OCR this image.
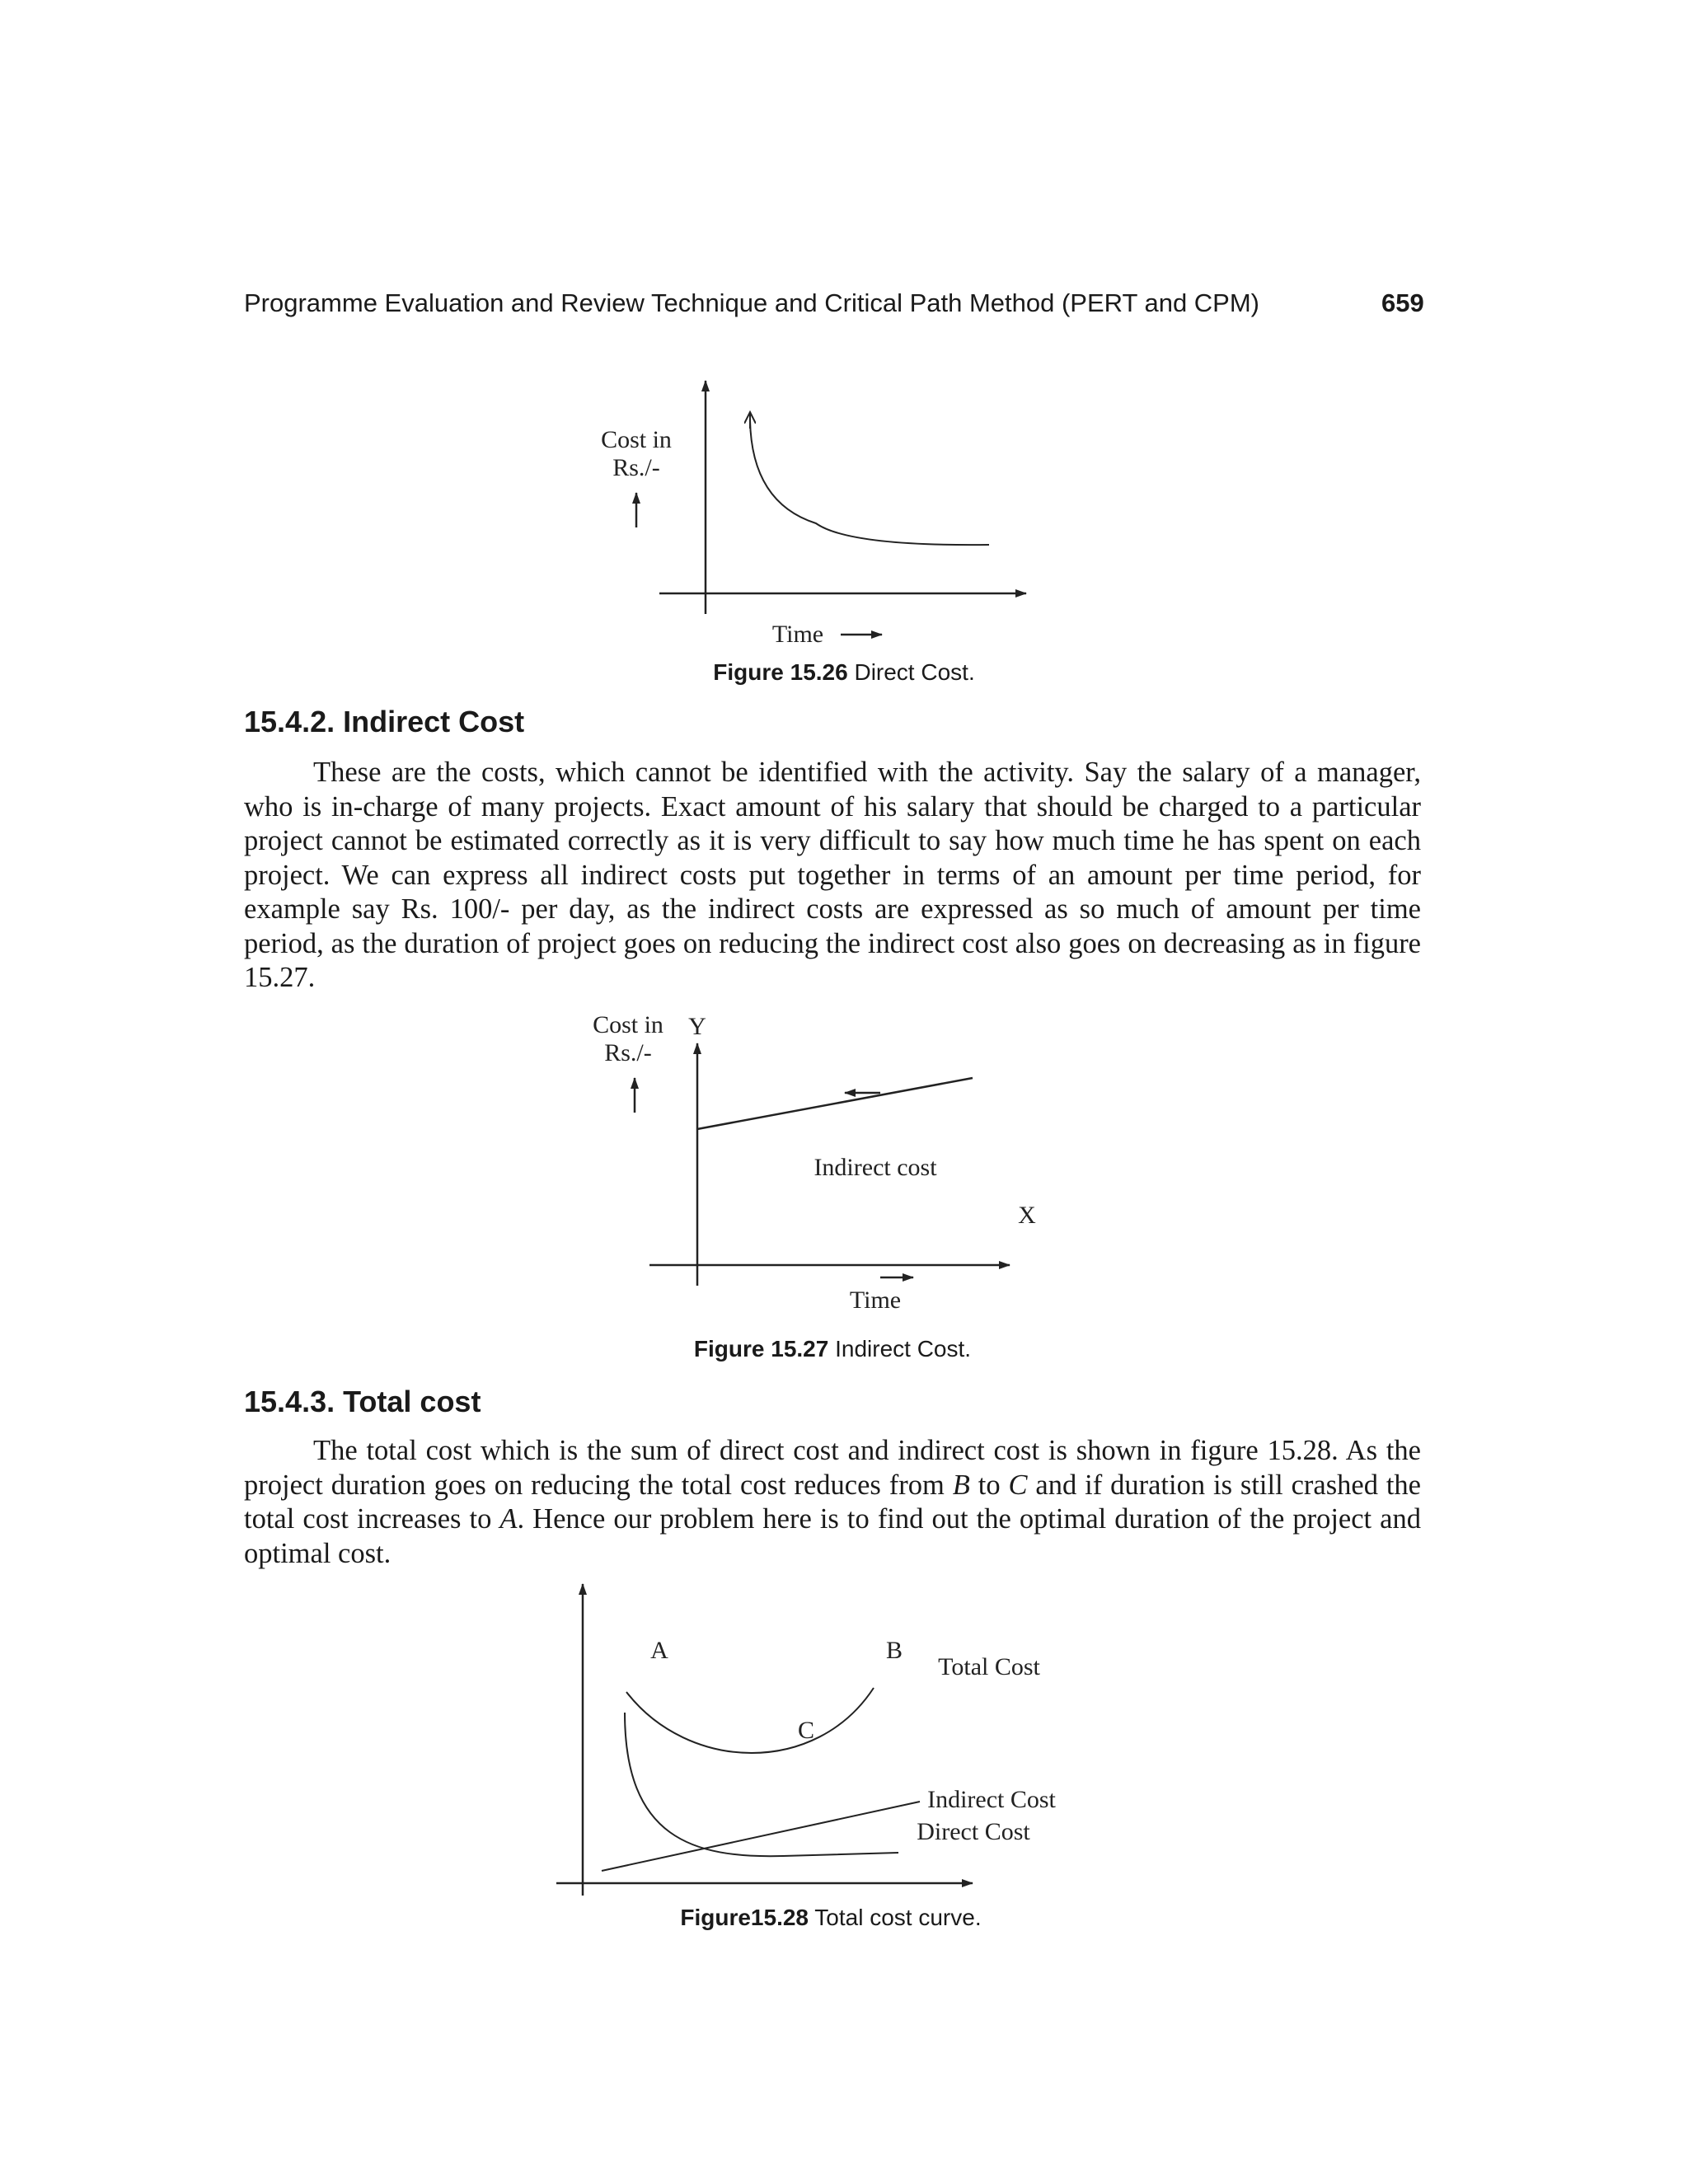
Programme Evaluation and Review Technique and Critical Path Method (PERT and CPM)	659
Cost in
Rs./-
Time
Figure 15.26 Direct Cost.
15.4.2. Indirect Cost
These are the costs, which cannot be identified with the activity. Say the salary of a manager, who is in-charge of many projects. Exact amount of his salary that should be charged to a particular project cannot be estimated correctly as it is very difficult to say how much time he has spent on each project. We can express all indirect costs put together in terms of an amount per time period, for example say Rs. 100/- per day, as the indirect costs are expressed as so much of amount per time period, as the duration of project goes on reducing the indirect cost also goes on decreasing as in figure 15.27.
Y
X
Cost in
Rs./-
Indirect cost
Time
Figure 15.27 Indirect Cost.
15.4.3. Total cost
The total cost which is the sum of direct cost and indirect cost is shown in figure 15.28. As the project duration goes on reducing the total cost reduces from B to C and if duration is still crashed the total cost increases to A. Hence our problem here is to find out the optimal duration of the project and optimal cost.
A	B
C
Total Cost
Indirect Cost
Direct Cost
Figure15.28 Total cost curve.
